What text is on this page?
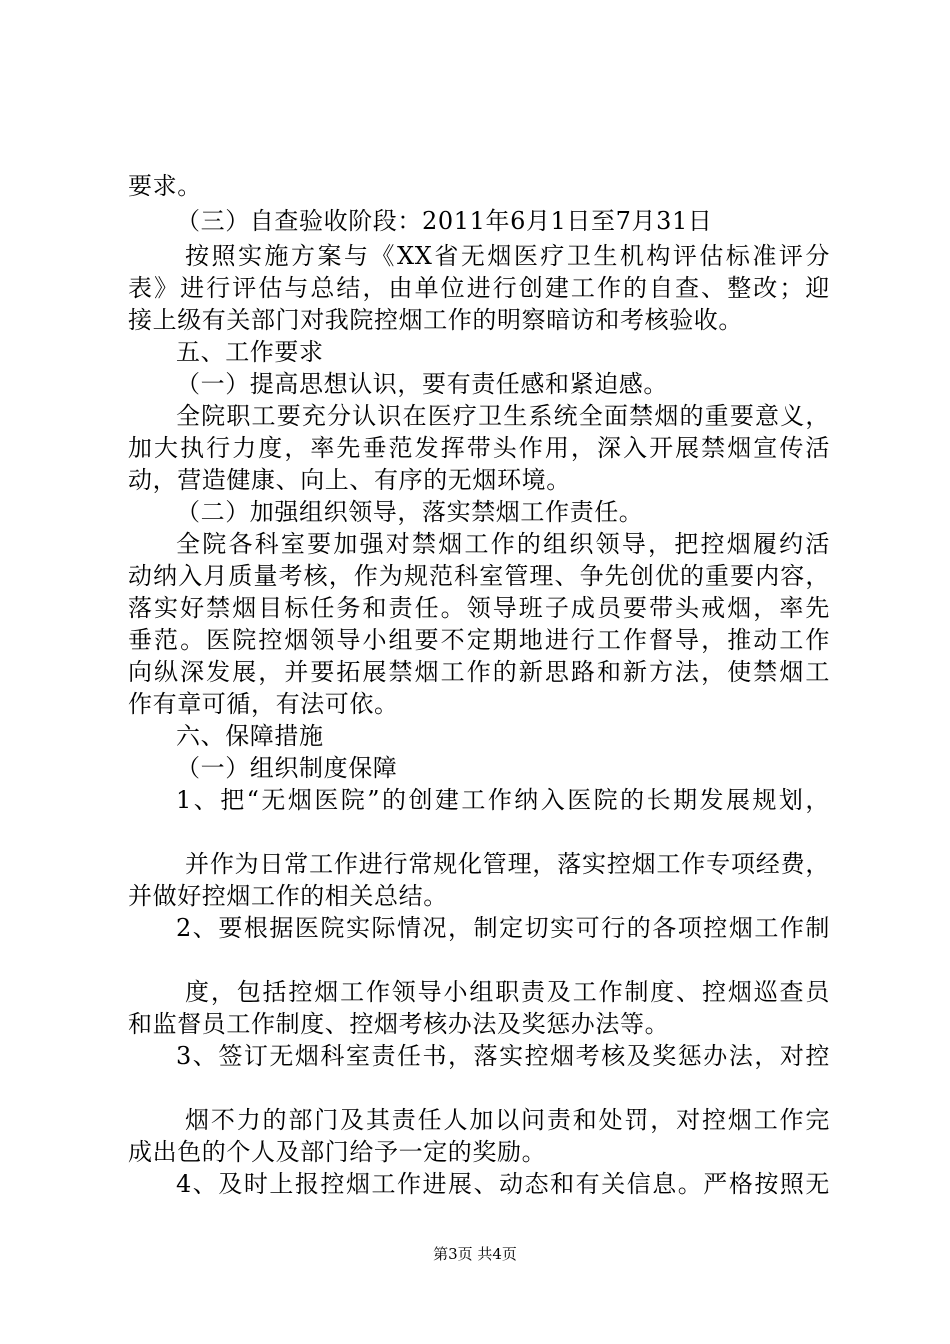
要求。
（三）自查验收阶段：2011年6月1日至7月31日
按照实施方案与《XX省无烟医疗卫生机构评估标准评分
表》进行评估与总结，由单位进行创建工作的自查、整改；迎
接上级有关部门对我院控烟工作的明察暗访和考核验收。
五、工作要求
（一）提高思想认识，要有责任感和紧迫感。
全院职工要充分认识在医疗卫生系统全面禁烟的重要意义，
加大执行力度，率先垂范发挥带头作用，深入开展禁烟宣传活
动，营造健康、向上、有序的无烟环境。
（二）加强组织领导，落实禁烟工作责任。
全院各科室要加强对禁烟工作的组织领导，把控烟履约活
动纳入月质量考核，作为规范科室管理、争先创优的重要内容，
落实好禁烟目标任务和责任。领导班子成员要带头戒烟，率先
垂范。医院控烟领导小组要不定期地进行工作督导，推动工作
向纵深发展，并要拓展禁烟工作的新思路和新方法，使禁烟工
作有章可循，有法可依。
六、保障措施
（一）组织制度保障
1、把“无烟医院”的创建工作纳入医院的长期发展规划，
并作为日常工作进行常规化管理，落实控烟工作专项经费，
并做好控烟工作的相关总结。
2、要根据医院实际情况，制定切实可行的各项控烟工作制
度，包括控烟工作领导小组职责及工作制度、控烟巡查员
和监督员工作制度、控烟考核办法及奖惩办法等。
3、签订无烟科室责任书，落实控烟考核及奖惩办法，对控
烟不力的部门及其责任人加以问责和处罚，对控烟工作完
成出色的个人及部门给予一定的奖励。
4、及时上报控烟工作进展、动态和有关信息。严格按照无
第3页 共4页
